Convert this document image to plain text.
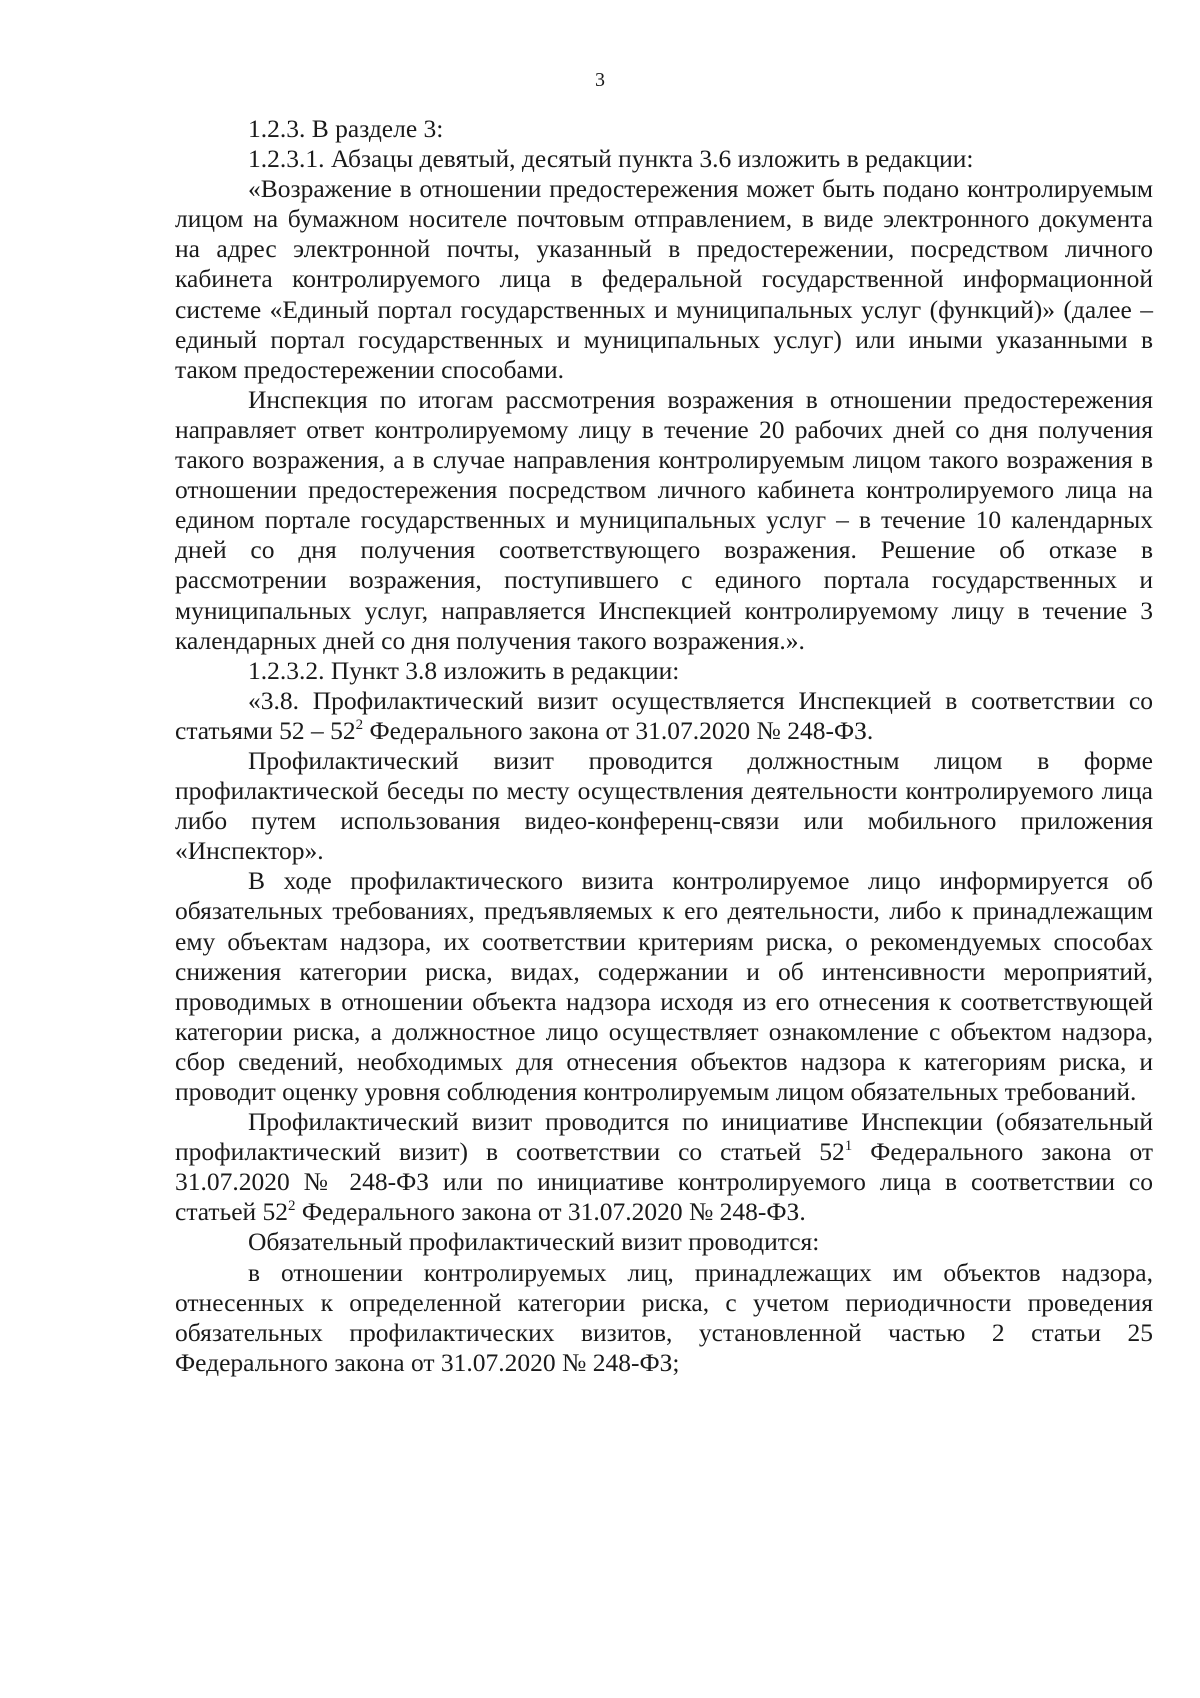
3

1.2.3. В разделе 3:

1.2.3.1. Абзацы девятый, десятый пункта 3.6 изложить в редакции:

«Возражение в отношении предостережения может быть подано контролируемым лицом на бумажном носителе почтовым отправлением, в виде электронного документа на адрес электронной почты, указанный в предостережении, посредством личного кабинета контролируемого лица в федеральной государственной информационной системе «Единый портал государственных и муниципальных услуг (функций)» (далее – единый портал государственных и муниципальных услуг) или иными указанными в таком предостережении способами.

Инспекция по итогам рассмотрения возражения в отношении предостережения направляет ответ контролируемому лицу в течение 20 рабочих дней со дня получения такого возражения, а в случае направления контролируемым лицом такого возражения в отношении предостережения посредством личного кабинета контролируемого лица на едином портале государственных и муниципальных услуг – в течение 10 календарных дней со дня получения соответствующего возражения. Решение об отказе в рассмотрении возражения, поступившего с единого портала государственных и муниципальных услуг, направляется Инспекцией контролируемому лицу в течение 3 календарных дней со дня получения такого возражения.».

1.2.3.2. Пункт 3.8 изложить в редакции:

«3.8. Профилактический визит осуществляется Инспекцией в соответствии со статьями $52 - 52^2$ Федерального закона от 31.07.2020 № 248-ФЗ.

Профилактический визит проводится должностным лицом в форме профилактической беседы по месту осуществления деятельности контролируемого лица либо путем использования видео-конференц-связи или мобильного приложения «Инспектор».

В ходе профилактического визита контролируемое лицо информируется об обязательных требованиях, предъявляемых к его деятельности, либо к принадлежащим ему объектам надзора, их соответствии критериям риска, о рекомендуемых способах снижения категории риска, видах, содержании и об интенсивности мероприятий, проводимых в отношении объекта надзора исходя из его отнесения к соответствующей категории риска, а должностное лицо осуществляет ознакомление с объектом надзора, сбор сведений, необходимых для отнесения объектов надзора к категориям риска, и проводит оценку уровня соблюдения контролируемым лицом обязательных требований.

Профилактический визит проводится по инициативе Инспекции (обязательный профилактический визит) в соответствии со статьей $52^1$ Федерального закона от 31.07.2020 № 248-ФЗ или по инициативе контролируемого лица в соответствии со статьей $52^2$ Федерального закона от 31.07.2020 № 248-ФЗ.

Обязательный профилактический визит проводится:

в отношении контролируемых лиц, принадлежащих им объектов надзора, отнесенных к определенной категории риска, с учетом периодичности проведения обязательных профилактических визитов, установленной частью 2 статьи 25 Федерального закона от 31.07.2020 № 248-ФЗ;
